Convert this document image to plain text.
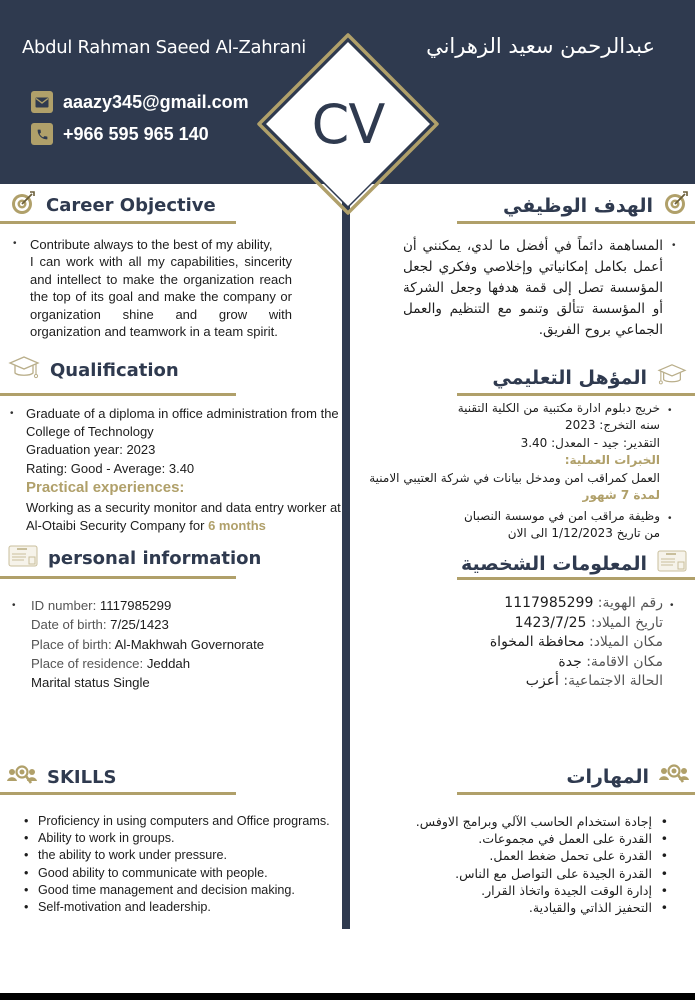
Abdul Rahman Saeed Al-Zahrani	عبدالرحمن سعيد الزهراني
aaazy345@gmail.com
+966 595 965 140	CV
Career Objective
• Contribute always to the best of my ability,
I can work with all my capabilities, sincerity and intellect to make the organization reach the top of its goal and make the company or organization shine and grow with organization and teamwork in a team spirit.
الهدف الوظيفي
•
المساهمة دائماً في أفضل ما لدي، يمكنني أن أعمل بكامل إمكانياتي وإخلاصي وفكري لجعل المؤسسة تصل إلى قمة هدفها وجعل الشركة أو المؤسسة تتألق وتنمو مع التنظيم والعمل الجماعي بروح الفريق.
Qualification
• Graduate of a diploma in office administration from the College of Technology
Graduation year: 2023
Rating: Good - Average: 3.40
Practical experiences:
Working as a security monitor and data entry worker at Al-Otaibi Security Company for 6 months
المؤهل التعليمي
•
خريج دبلوم ادارة مكتبية من الكلية التقنية
سنه التخرج: 2023
التقدير: جيد - المعدل: 3.40
الخبرات العملية:
العمل كمراقب امن ومدخل بيانات في شركة العتيبي الامنية لمدة 7 شهور
•
وظيفة مراقب امن في موسسة النصبان
من تاريخ 1/12/2023 الى الان
personal information
• ID number: 1117985299
Date of birth: 7/25/1423
Place of birth: Al-Makhwah Governorate
Place of residence: Jeddah
Marital status Single
المعلومات الشخصية
•
رقم الهوية: 1117985299
تاريخ الميلاد: 1423/7/25
مكان الميلاد: محافظة المخواة
مكان الاقامة: جدة
الحالة الاجتماعية: أعزب
SKILLS
• Proficiency in using computers and Office programs.
• Ability to work in groups.
• the ability to work under pressure.
• Good ability to communicate with people.
• Good time management and decision making.
• Self-motivation and leadership.
المهارات
• إجادة استخدام الحاسب الآلي وبرامج الاوفس.
• القدرة على العمل في مجموعات.
• القدرة على تحمل ضغط العمل.
• القدرة الجيدة على التواصل مع الناس.
• إدارة الوقت الجيدة واتخاذ القرار.
• التحفيز الذاتي والقيادية.
